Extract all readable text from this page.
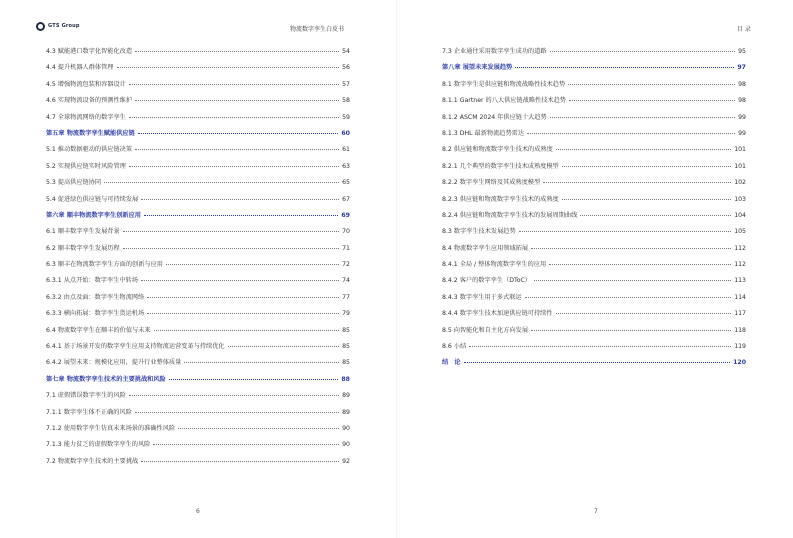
GTS Group	物流数字孪生白皮书
4.3 赋能港口数字化智能化改造	54
4.4 提升机器人群体管理	56
4.5 增强物流包装和容器设计	57
4.6 实现物流设备的预测性维护	58
4.7 全球物流网络的数字孪生	59
第五章 物流数字孪生赋能供应链	60
5.1 推动数据驱动的供应链决策	61
5.2 实现供应链实时风险管理	63
5.3 提高供应链协同	65
5.4 促进绿色供应链与可持续发展	67
第六章 顺丰物流数字孪生创新应用	69
6.1 顺丰数字孪生发展背景	70
6.2 顺丰数字孪生发展历程	71
6.3 顺丰在物流数字孪生方面的创新与应用	72
6.3.1 从点开始：数字孪生中转场	74
6.3.2 由点及面：数字孪生物流网络	77
6.3.3 横向拓展：数字孪生货运机场	79
6.4 物流数字孪生在顺丰的价值与未来	85
6.4.1 基于场景开发的数字孪生应用支持物流运营变革与持续优化	85
6.4.2 展望未来：规模化应用，提升行业整体质量	85
第七章 物流数字孪生技术的主要挑战和风险	88
7.1 虚假错误数字孪生的风险	89
7.1.1 数字孪生体不正确的风险	89
7.1.2 使用数字孪生仿真未来场景的准确性风险	90
7.1.3 能力贫乏的虚假数字孪生的风险	90
7.2 物流数字孪生技术的主要挑战	92
6
目 录
7.3 企业通往采用数字孪生成功的道路	95
第八章 展望未来发展趋势	97
8.1 数字孪生是供应链和物流战略性技术趋势	98
8.1.1 Gartner 的八大供应链战略性技术趋势	98
8.1.2 ASCM 2024 年供应链十大趋势	99
8.1.3 DHL 最新物流趋势雷达	99
8.2 供应链和物流数字孪生技术的成熟度	101
8.2.1 几个典型的数字孪生技术成熟度模型	101
8.2.2 数字孪生网络及其成熟度模型	102
8.2.3 供应链和物流数字孪生技术的成熟度	103
8.2.4 供应链和物流数字孪生技术的发展周期曲线	104
8.3 数字孪生技术发展趋势	105
8.4 物流数字孪生应用领域拓展	112
8.4.1 全局 / 整体物流数字孪生的应用	112
8.4.2 客户的数字孪生（DToC）	113
8.4.3 数字孪生用于多式联运	114
8.4.4 数字孪生技术加速供应链可持续性	117
8.5 向智能化和自主化方向发展	118
8.6 小结	119
结　论	120
7
